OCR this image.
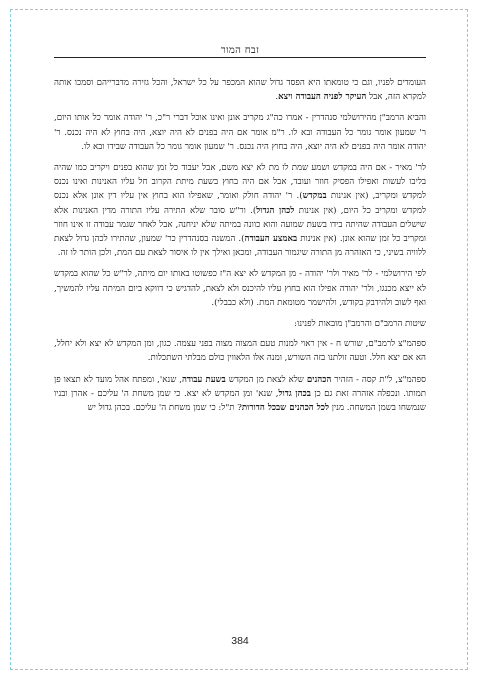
זבח המור

העומדים לפניו, וגם כי טומאתו היא הפסד גדול שהוא המכפר על כל ישראל, והכל גזירה מדברייהם וסמכו אותה למקרא הזה, אבל העיקר לפניה העבודה ויצא.

והביא הרמב"ן מהירושלמי סנהדרין - אמרו כה"ג מקריב אונן ואינו אוכל דברי ר"כ, ר' יהודה אומר כל אותו היום, ר' שמעון אומר גומר כל העבודה ובא לו. ר"מ אומר אם היה בפנים לא היה יוצא, היה בחוץ לא היה נכנס. ר' יהודה אומר היה בפנים לא היה יוצא, היה בחוץ היה נכנס. ר' שמעון אומר גומר כל העבודה שבידו ובא לו.

לר' מאיר - אם היה במקדש ושמע שמת לו מת לא יצא משם, אבל יעבוד כל זמן שהוא בפנים ויקריב כמו שהיה בליבו לעשות ואפילו הפסיק חוזר ועובד, אבל אם היה בחוץ בשעת מיתת הקרוב חל עליו האנינות ואינו נכנס למקדש ומקריב, (אין אנינות במקדש). ר' יהודה חולק ואומר, שאפילו הוא בחוץ אין עליו דין אונן אלא נכנס למקדש ומקריב כל היום, (אין אנינות לכהן הגדול). ור"ש סובר שלא התירה עליו התורה מדין האנינות אלא שישלים העבודה שהיתה בידו בשעת שמועה והוא כוונה במיתה שלא יניחנה, אבל לאחר שגמר עבודה זו אינו חוזר ומקריב כל זמן שהוא אונן. (אין אנינות באמצע העבודה). המשנה בסנהדרין כר' שמעון, שהתירו לכהן גדול לצאת ללוויה בשיני, כי האזהרה מן התורה שיגמור העבודה, ומכאן ואילך אין לו איסור לצאת עם המת, ולכן הותר לו זה.

לפי הירושלמי - לר' מאיר ולר' יהודה - מן המקדש לא יצא ה"ז כפשוטו באותו יום מיתה, לר"ש כל שהוא במקדש לא ייצא מכנגו, ולר' יהודה אפילו הוא בחוץ עליו להיכנס ולא לצאת, להדגיש כי דווקא ביום המיתה עליו להמשיך, ואף לשוב ולהידבק בקודש, ולהישמר מטומאת המת. (ולא כבבלי).

שיטות הרמב"ם והרמב"ן מובאות לפנינו:

ספהמ"צ לרמב"ם, שורש ח - אין ראוי למנות טעם המצוה מצוה בפני עצמה. כגון, ומן המקדש לא יצא ולא יחלל, הא אם יצא חלל. וטעה זולתנו בזה השורש, ומנה אלו הלאווין כולם מבלתי השתכלות.

ספהמ"צ, ל"ת קסה - הזהיר הכהנים שלא לצאת מן המקדש בשעת עבודה, שנא', ומפתח אהל מועד לא תצאו פן תמותו. ונכפלה אזהרה זאת גם כן בכהן גדול, שנא' ומן המקדש לא יצא. כי שמן משחת ה' עליכם - אהרן ובניו שנמשחו בשמן המשחה. מנין לכל הכהנים שבכל הדורות? ת"ל: כי שמן משחת ה' עליכם. בכהן גדול יש

384
